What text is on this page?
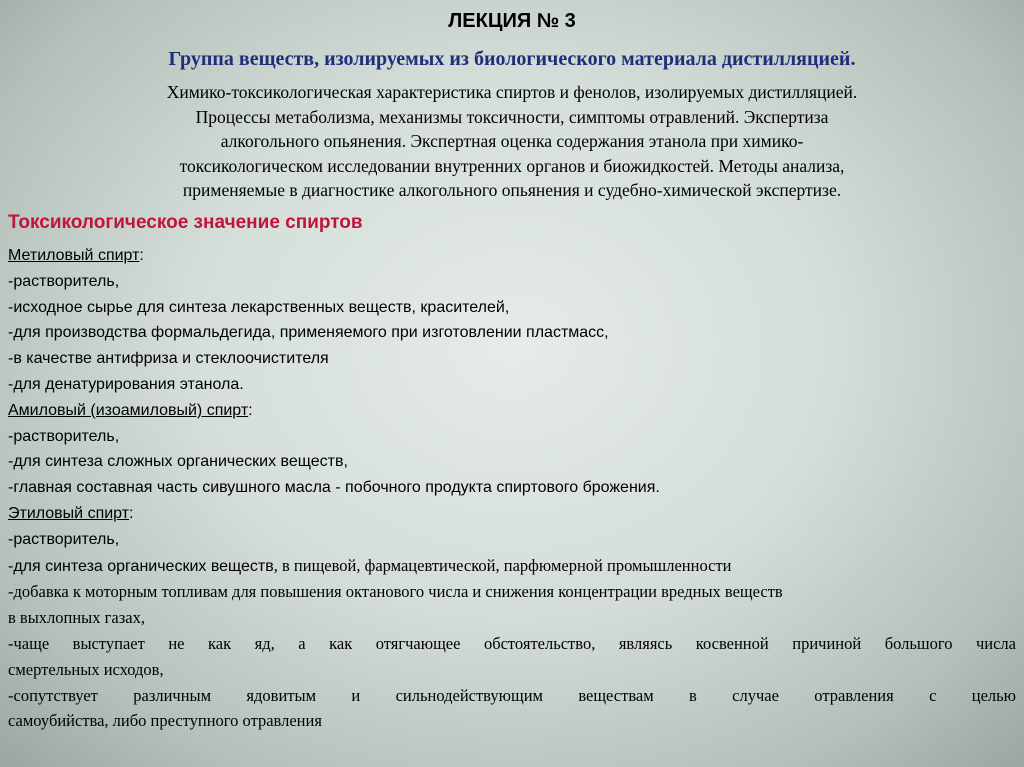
ЛЕКЦИЯ № 3
Группа веществ, изолируемых из биологического материала дистилляцией.
Химико-токсикологическая характеристика спиртов и фенолов, изолируемых дистилляцией.
Процессы метаболизма, механизмы токсичности, симптомы отравлений. Экспертиза
алкогольного опьянения. Экспертная оценка содержания этанола при химико-
токсикологическом исследовании внутренних органов и биожидкостей. Методы анализа,
применяемые в диагностике алкогольного опьянения и судебно-химической экспертизе.
Токсикологическое значение спиртов
Метиловый спирт:
-растворитель,
-исходное сырье для синтеза лекарственных веществ, красителей,
-для производства формальдегида, применяемого при изготовлении пластмасс,
-в качестве антифриза и стеклоочистителя
-для денатурирования этанола.
Амиловый (изоамиловый) спирт:
-растворитель,
-для синтеза сложных органических веществ,
-главная составная часть сивушного масла - побочного продукта спиртового брожения.
Этиловый спирт:
-растворитель,
-для синтеза органических веществ, в пищевой, фармацевтической, парфюмерной промышленности
-добавка к моторным топливам для повышения октанового числа и снижения концентрации вредных веществ
в выхлопных газах,
-чаще выступает не как яд, а как отягчающее обстоятельство, являясь косвенной причиной большого числа
смертельных исходов,
-сопутствует различным ядовитым и сильнодействующим веществам в случае отравления с целью
самоубийства, либо преступного отравления
